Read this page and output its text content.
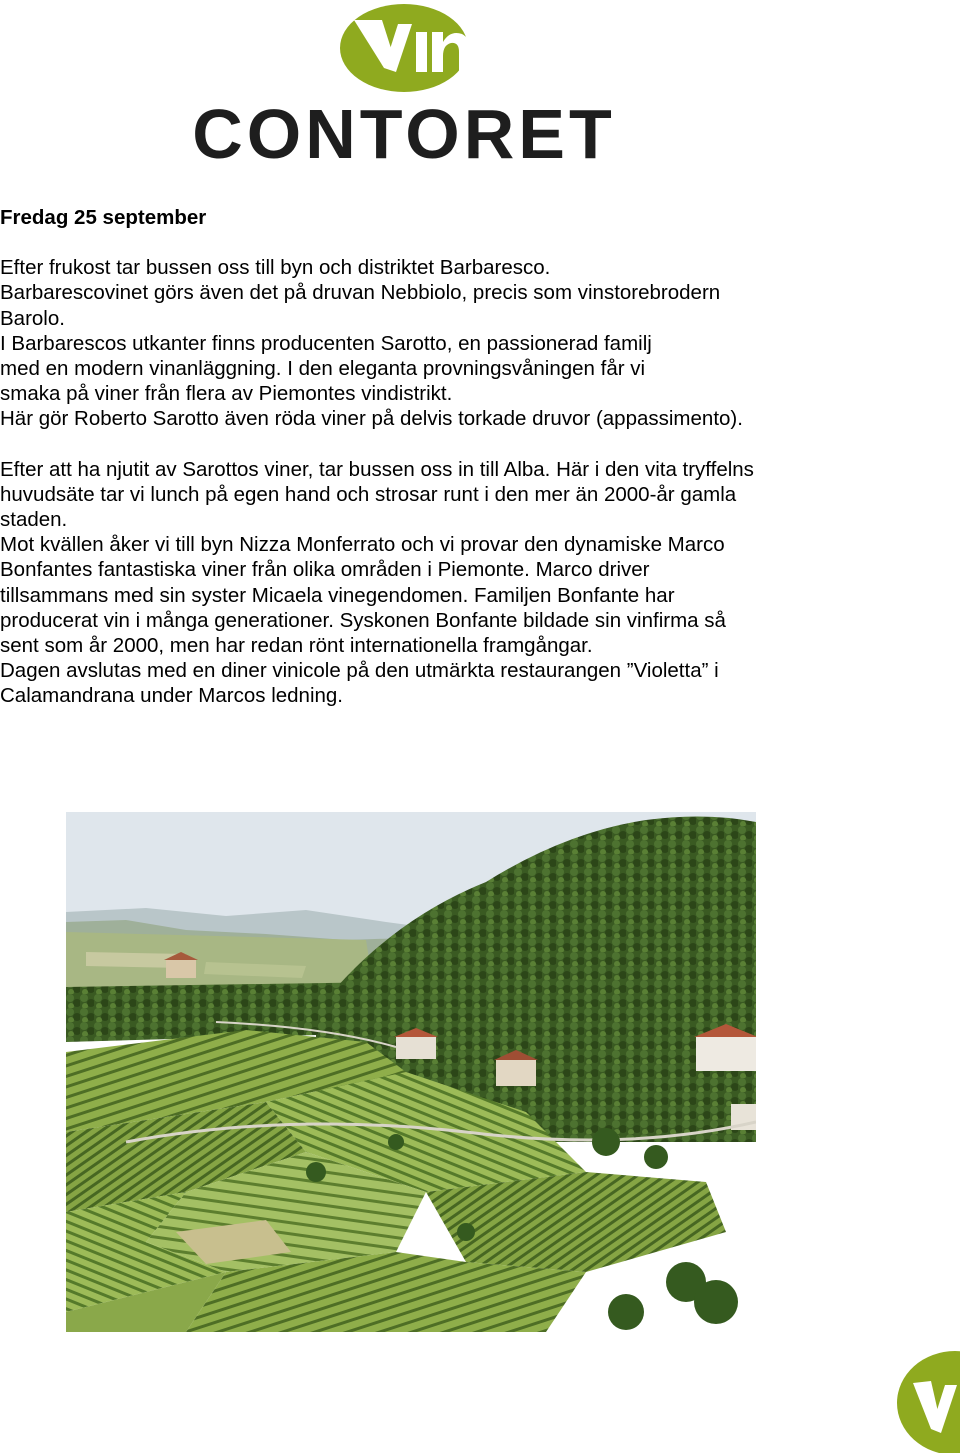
CONTORET

Fredag 25 september

Efter frukost tar bussen oss till byn och distriktet Barbaresco.
Barbarescovinet görs även det på druvan Nebbiolo, precis som vinstorebrodern
Barolo.
I Barbarescos utkanter finns producenten Sarotto, en passionerad familj
med en modern vinanläggning. I den eleganta provningsvåningen får vi
smaka på viner från flera av Piemontes vindistrikt.
Här gör Roberto Sarotto även röda viner på delvis torkade druvor (appassimento).

Efter att ha njutit av Sarottos viner, tar bussen oss in till Alba. Här i den vita tryffelns
huvudsäte tar vi lunch på egen hand och strosar runt i den mer än 2000-år gamla
staden.
Mot kvällen åker vi till byn Nizza Monferrato och vi provar den dynamiske Marco
Bonfantes fantastiska viner från olika områden i Piemonte. Marco driver
tillsammans med sin syster Micaela vinegendomen. Familjen Bonfante har
producerat vin i många generationer. Syskonen Bonfante bildade sin vinfirma så
sent som år 2000, men har redan rönt internationella framgångar.
Dagen avslutas med en diner vinicole på den utmärkta restaurangen ”Violetta” i
Calamandrana under Marcos ledning.
